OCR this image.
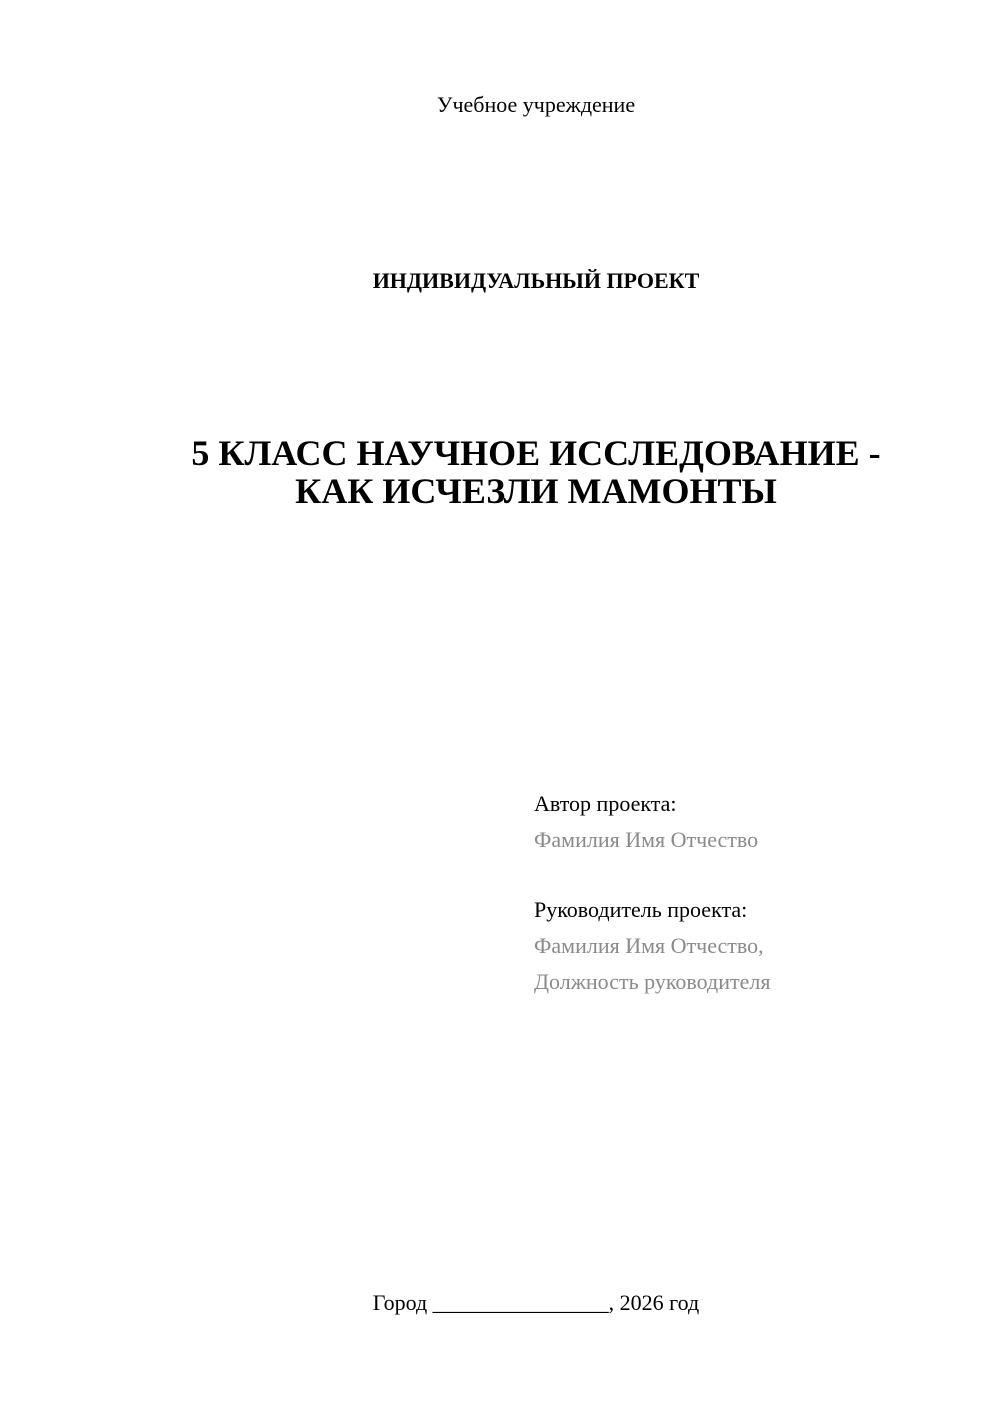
Учебное учреждение
ИНДИВИДУАЛЬНЫЙ ПРОЕКТ
5 КЛАСС НАУЧНОЕ ИССЛЕДОВАНИЕ -
КАК ИСЧЕЗЛИ МАМОНТЫ
Автор проекта:
Фамилия Имя Отчество
Руководитель проекта:
Фамилия Имя Отчество,
Должность руководителя
Город ________________, 2026 год
